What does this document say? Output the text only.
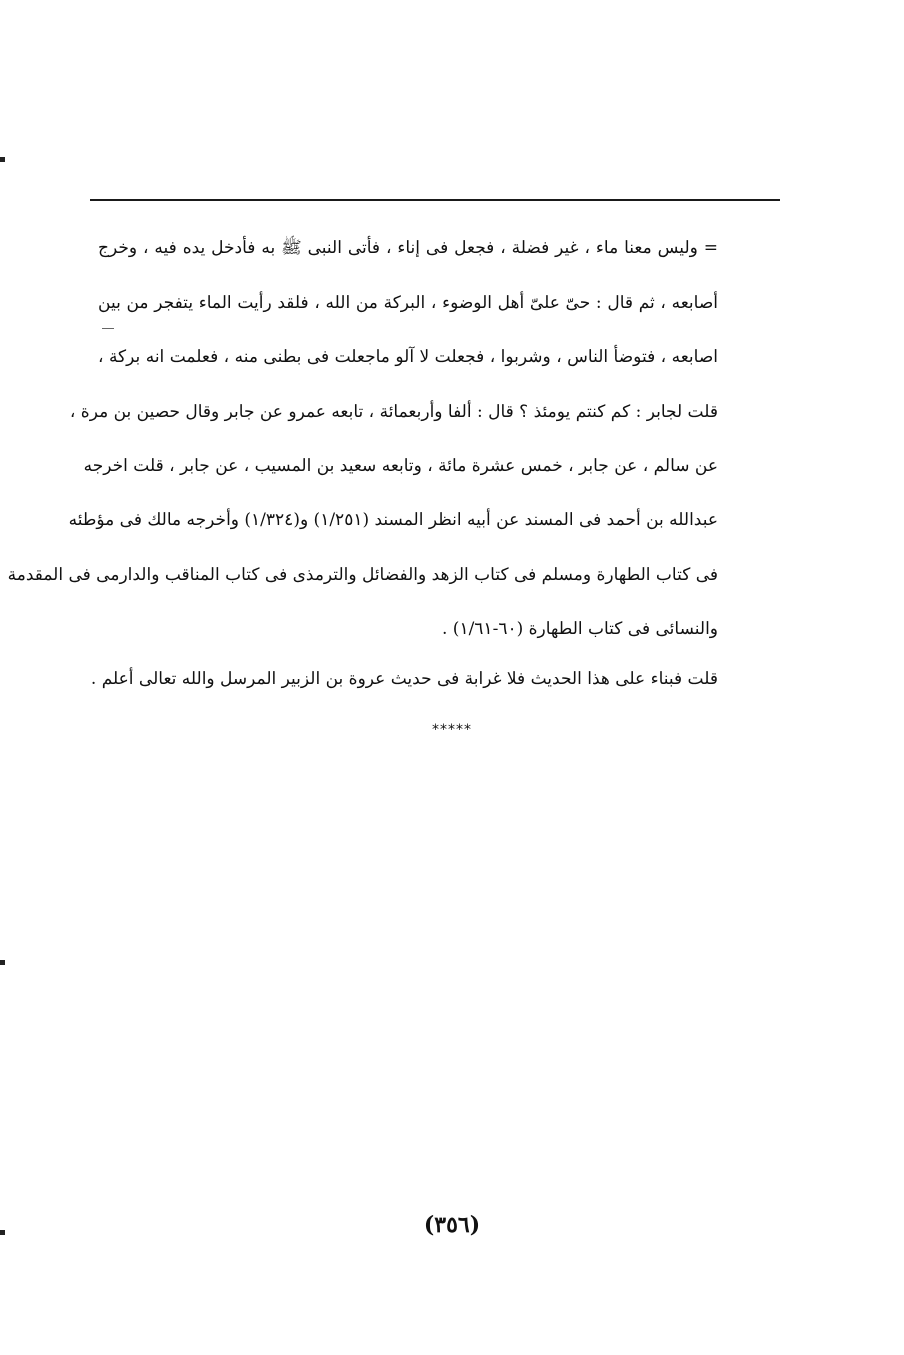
= وليس معنا ماء ، غير فضلة ، فجعل فى إناء ، فأتى النبى ﷺ به فأدخل يده فيه ، وخرج
أصابعه ، ثم قال : حىّ علىّ أهل الوضوء ، البركة من الله ، فلقد رأيت الماء يتفجر من بين
اصابعه ، فتوضأ الناس ، وشربوا ، فجعلت لا آلو ماجعلت فى بطنى منه ، فعلمت انه بركة ،
قلت لجابر : كم كنتم يومئذ ؟ قال : ألفا وأربعمائة ، تابعه عمرو عن جابر وقال حصين بن مرة ،
عن سالم ، عن جابر ، خمس عشرة مائة ، وتابعه سعيد بن المسيب ، عن جابر ، قلت اخرجه
عبدالله بن أحمد فى المسند عن أبيه انظر المسند (١/٢٥١) و(١/٣٢٤) وأخرجه مالك فى مؤطئه
فى كتاب الطهارة ومسلم فى كتاب الزهد والفضائل والترمذى فى كتاب المناقب والدارمى فى المقدمة
والنسائى فى كتاب الطهارة (٦٠-١/٦١) .
قلت فبناء على هذا الحديث فلا غرابة فى حديث عروة بن الزبير المرسل والله تعالى أعلم .
*****
(٣٥٦)
